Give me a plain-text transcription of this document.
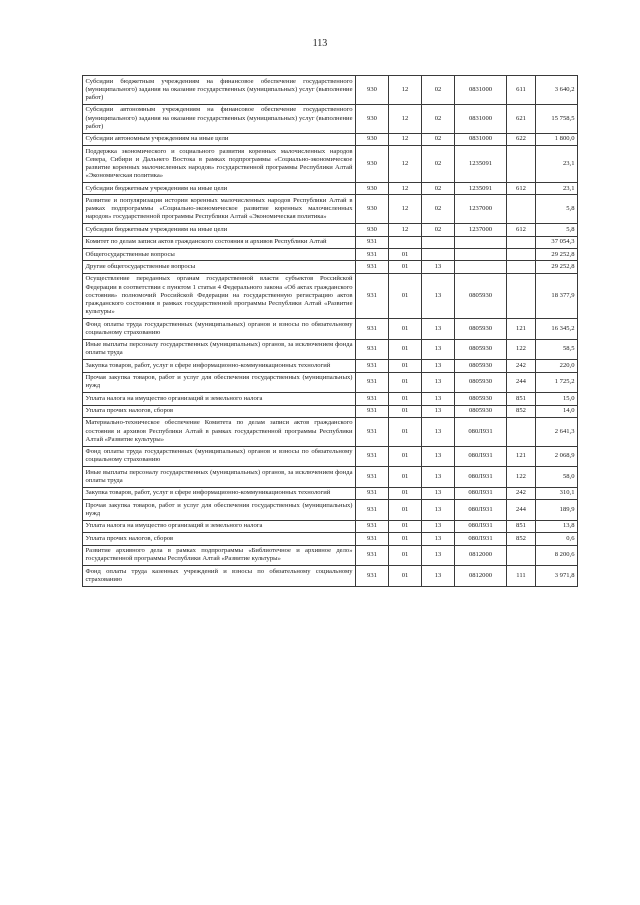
113
Субсидии бюджетным учреждениям на финансовое обеспечение государственного (муниципального) задания на оказание государственных (муниципальных) услуг (выполнение работ)	930	12	02	0831000	611	3 640,2
Субсидии автономным учреждениям на финансовое обеспечение государственного (муниципального) задания на оказание государственных (муниципальных) услуг (выполнение работ)	930	12	02	0831000	621	15 758,5
Субсидии автономным учреждениям на иные цели	930	12	02	0831000	622	1 800,0
Поддержка экономического и социального развития коренных малочисленных народов Севера, Сибири и Дальнего Востока в рамках подпрограммы «Социально-экономическое развитие коренных малочисленных народов» государственной программы Республики Алтай «Экономическая политика»	930	12	02	1235091		23,1
Субсидии бюджетным учреждениям на иные цели	930	12	02	1235091	612	23,1
Развитие и популяризация истории коренных малочисленных народов Республики Алтай в рамках подпрограммы «Социально-экономическое развитие коренных малочисленных народов» государственной программы Республики Алтай «Экономическая политика»	930	12	02	1237000		5,8
Субсидии бюджетным учреждениям на иные цели	930	12	02	1237000	612	5,8
Комитет по делам записи актов гражданского состояния и архивов Республики Алтай	931					37 054,3
Общегосударственные вопросы	931	01				29 252,8
Другие общегосударственные вопросы	931	01	13			29 252,8
Осуществление переданных органам государственной власти субъектов Российской Федерации в соответствии с пунктом 1 статьи 4 Федерального закона «Об актах гражданского состояния» полномочий Российской Федерации на государственную регистрацию актов гражданского состояния в рамках государственной программы Республики Алтай «Развитие культуры»	931	01	13	0805930		18 377,9
Фонд оплаты труда государственных (муниципальных) органов и взносы по обязательному социальному страхованию	931	01	13	0805930	121	16 345,2
Иные выплаты персоналу государственных (муниципальных) органов, за исключением фонда оплаты труда	931	01	13	0805930	122	58,5
Закупка товаров, работ, услуг в сфере информационно-коммуникационных технологий	931	01	13	0805930	242	220,0
Прочая закупка товаров, работ и услуг для обеспечения государственных (муниципальных) нужд	931	01	13	0805930	244	1 725,2
Уплата налога на имущество организаций и земельного налога	931	01	13	0805930	851	15,0
Уплата прочих налогов, сборов	931	01	13	0805930	852	14,0
Материально-техническое обеспечение Комитета по делам записи актов гражданского состояния и архивов Республики Алтай в рамках государственной программы Республики Алтай «Развитие культуры»	931	01	13	080Л931		2 641,3
Фонд оплаты труда государственных (муниципальных) органов и взносы по обязательному социальному страхованию	931	01	13	080Л931	121	2 068,9
Иные выплаты персоналу государственных (муниципальных) органов, за исключением фонда оплаты труда	931	01	13	080Л931	122	58,0
Закупка товаров, работ, услуг в сфере информационно-коммуникационных технологий	931	01	13	080Л931	242	310,1
Прочая закупка товаров, работ и услуг для обеспечения государственных (муниципальных) нужд	931	01	13	080Л931	244	189,9
Уплата налога на имущество организаций и земельного налога	931	01	13	080Л931	851	13,8
Уплата прочих налогов, сборов	931	01	13	080Л931	852	0,6
Развитие архивного дела в рамках подпрограммы «Библиотечное и архивное дело» государственной программы Республики Алтай «Развитие культуры»	931	01	13	0812000		8 200,6
Фонд оплаты труда казенных учреждений и взносы по обязательному социальному страхованию	931	01	13	0812000	111	3 971,8
